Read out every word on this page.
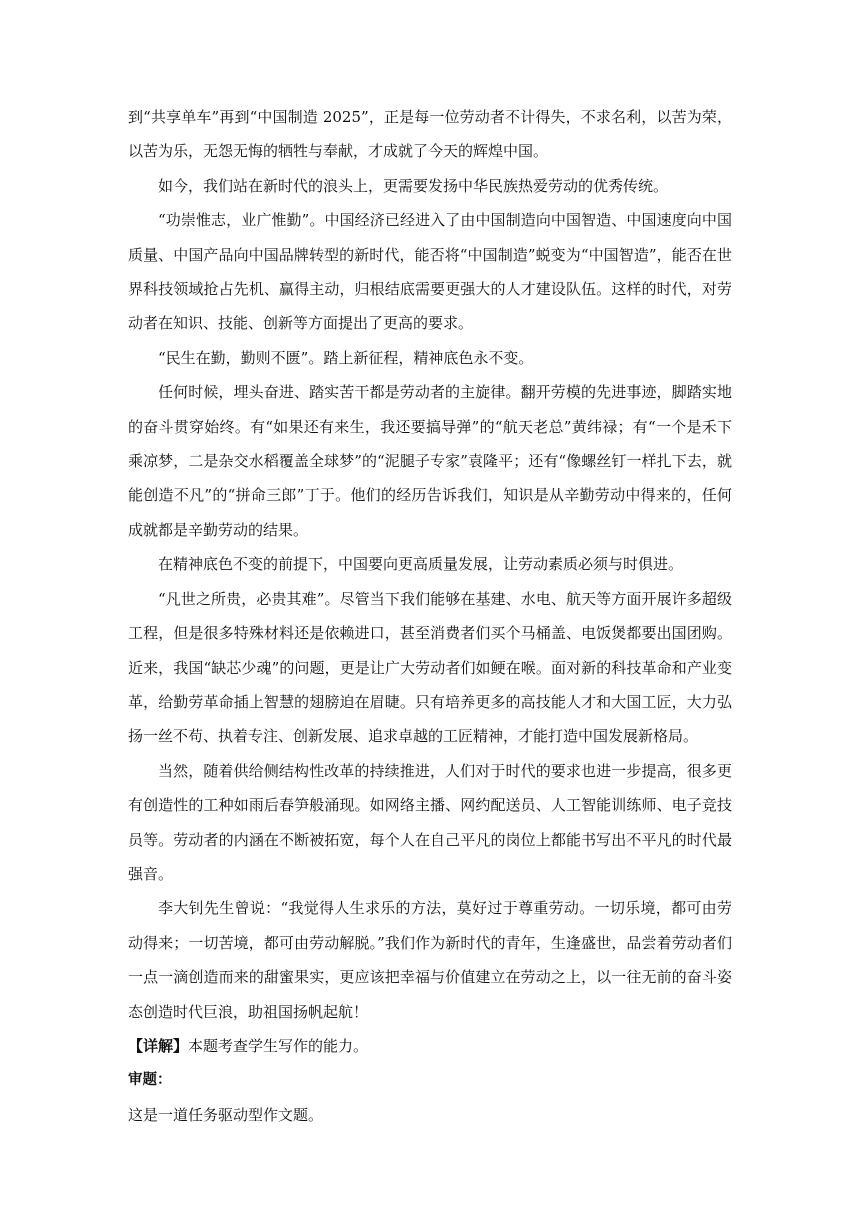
到“共享单车”再到“中国制造 2025”，正是每一位劳动者不计得失，不求名利，以苦为荣，以苦为乐，无怨无悔的牺牲与奉献，才成就了今天的辉煌中国。

如今，我们站在新时代的浪头上，更需要发扬中华民族热爱劳动的优秀传统。

“功崇惟志，业广惟勤”。中国经济已经进入了由中国制造向中国智造、中国速度向中国质量、中国产品向中国品牌转型的新时代，能否将“中国制造”蜕变为“中国智造”，能否在世界科技领域抢占先机、赢得主动，归根结底需要更强大的人才建设队伍。这样的时代，对劳动者在知识、技能、创新等方面提出了更高的要求。

“民生在勤，勤则不匮”。踏上新征程，精神底色永不变。

任何时候，埋头奋进、踏实苦干都是劳动者的主旋律。翻开劳模的先进事迹，脚踏实地的奋斗贯穿始终。有“如果还有来生，我还要搞导弹”的“航天老总”黄纬禄；有“一个是禾下乘凉梦，二是杂交水稻覆盖全球梦”的“泥腿子专家”袁隆平；还有“像螺丝钉一样扎下去，就能创造不凡”的“拼命三郎”丁于。他们的经历告诉我们，知识是从辛勤劳动中得来的，任何成就都是辛勤劳动的结果。

在精神底色不变的前提下，中国要向更高质量发展，让劳动素质必须与时俱进。

“凡世之所贵，必贵其难”。尽管当下我们能够在基建、水电、航天等方面开展许多超级工程，但是很多特殊材料还是依赖进口，甚至消费者们买个马桶盖、电饭煲都要出国团购。近来，我国“缺芯少魂”的问题，更是让广大劳动者们如鲠在喉。面对新的科技革命和产业变革，给勤劳革命插上智慧的翅膀迫在眉睫。只有培养更多的高技能人才和大国工匠，大力弘扬一丝不苟、执着专注、创新发展、追求卓越的工匠精神，才能打造中国发展新格局。

当然，随着供给侧结构性改革的持续推进，人们对于时代的要求也进一步提高，很多更有创造性的工种如雨后春笋般涌现。如网络主播、网约配送员、人工智能训练师、电子竞技员等。劳动者的内涵在不断被拓宽，每个人在自己平凡的岗位上都能书写出不平凡的时代最强音。

李大钊先生曾说：“我觉得人生求乐的方法，莫好过于尊重劳动。一切乐境，都可由劳动得来；一切苦境，都可由劳动解脱。”我们作为新时代的青年，生逢盛世，品尝着劳动者们一点一滴创造而来的甜蜜果实，更应该把幸福与价值建立在劳动之上，以一往无前的奋斗姿态创造时代巨浪，助祖国扬帆起航！

【详解】本题考查学生写作的能力。

审题：

这是一道任务驱动型作文题。
